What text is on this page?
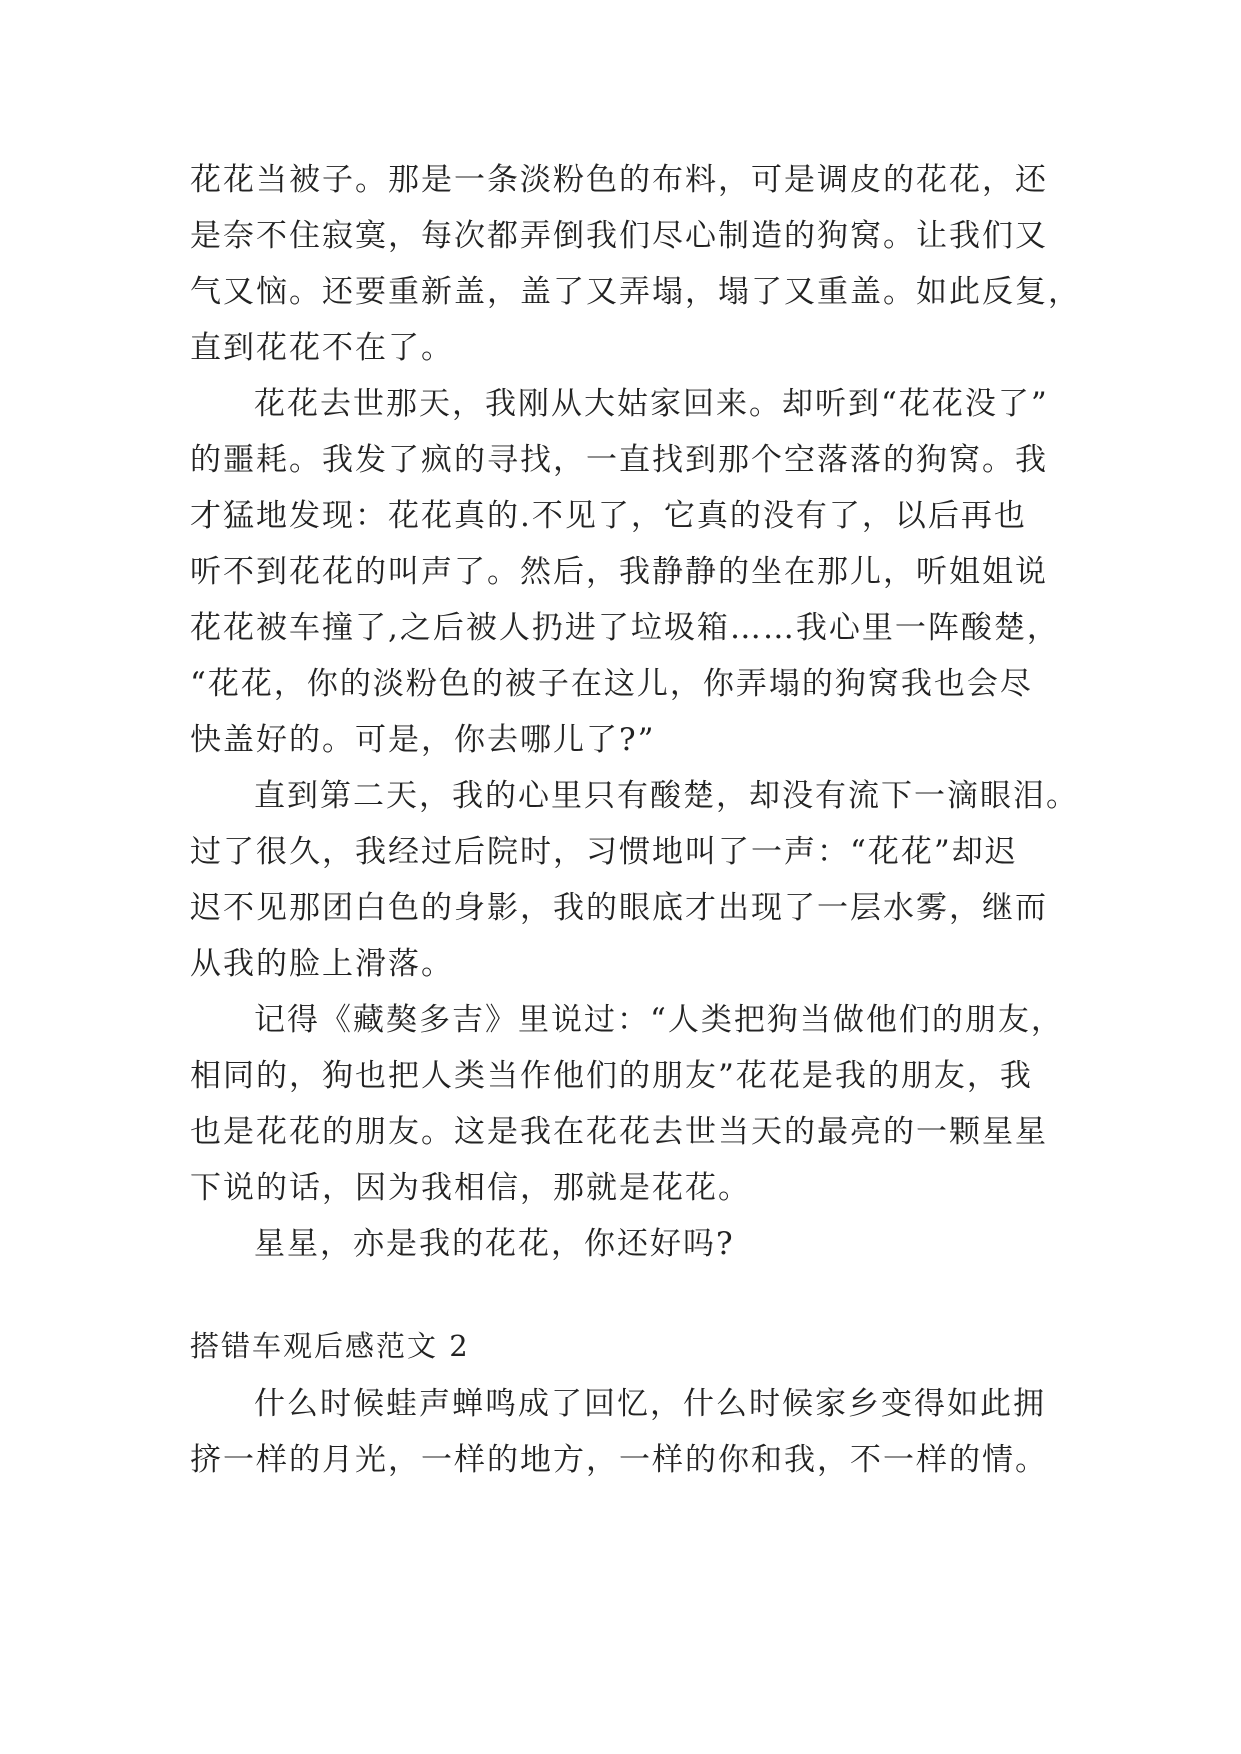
花花当被子。那是一条淡粉色的布料，可是调皮的花花，还
是奈不住寂寞，每次都弄倒我们尽心制造的狗窝。让我们又
气又恼。还要重新盖，盖了又弄塌，塌了又重盖。如此反复，
直到花花不在了。
花花去世那天，我刚从大姑家回来。却听到“花花没了”
的噩耗。我发了疯的寻找，一直找到那个空落落的狗窝。我
才猛地发现：花花真的.不见了，它真的没有了，以后再也
听不到花花的叫声了。然后，我静静的坐在那儿，听姐姐说
花花被车撞了,之后被人扔进了垃圾箱……我心里一阵酸楚，
“花花，你的淡粉色的被子在这儿，你弄塌的狗窝我也会尽
快盖好的。可是，你去哪儿了?”
直到第二天，我的心里只有酸楚，却没有流下一滴眼泪。
过了很久，我经过后院时，习惯地叫了一声：“花花”却迟
迟不见那团白色的身影，我的眼底才出现了一层水雾，继而
从我的脸上滑落。
记得《藏獒多吉》里说过：“人类把狗当做他们的朋友，
相同的，狗也把人类当作他们的朋友”花花是我的朋友，我
也是花花的朋友。这是我在花花去世当天的最亮的一颗星星
下说的话，因为我相信，那就是花花。
星星，亦是我的花花，你还好吗?
搭错车观后感范文 2
什么时候蛙声蝉鸣成了回忆，什么时候家乡变得如此拥
挤一样的月光，一样的地方，一样的你和我，不一样的情。
